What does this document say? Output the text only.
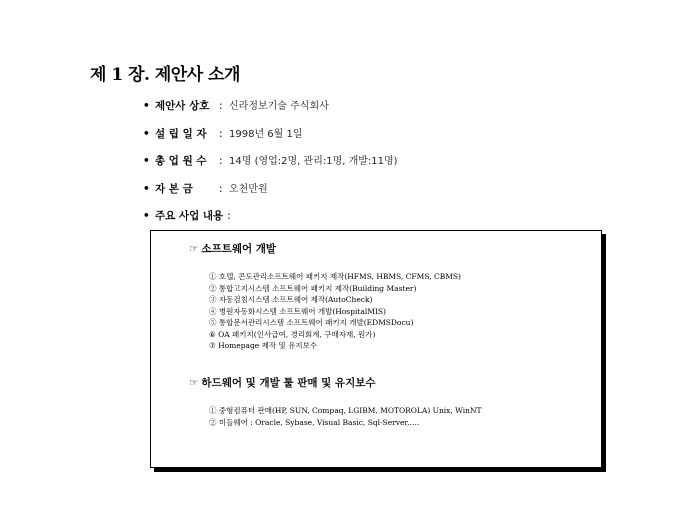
제 1 장. 제안사 소개
• 제안사 상호 : 신라정보기술 주식회사
• 설 립 일 자 : 1998년 6월 1일
• 총 업 원 수 : 14명 (영업:2명, 관리:1명, 개발:11명)
• 자 본 금	: 오천만원
• 주요 사업 내용 :
☞ 소프트웨어 개발
① 호텔, 콘도관리소프트웨어 패키지 제작(HFMS, HBMS, CFMS, CBMS)
② 통합고지시스템 소프트웨어 패키지 제작(Building Master)
③ 자동검침시스템 소프트웨어 제작(AutoCheck)
④ 병원자동화시스템 소프트웨어 개발(HospitalMIS)
⑤ 통합문서관리시스템 소프트웨어 패키지 개발(EDMSDocu)
⑥ OA 패키지(인사급여, 경리회계, 구매자재, 원가)
⑦ Homepage 제작 및 유지보수
☞ 하드웨어 및 개발 툴 판매 및 유지보수
① 중형컴퓨터 판매(HP, SUN, Compaq, LGIBM, MOTOROLA) Unix, WinNT
② 미들웨어 : Oracle, Sybase, Visual Basic, Sql-Server,….
